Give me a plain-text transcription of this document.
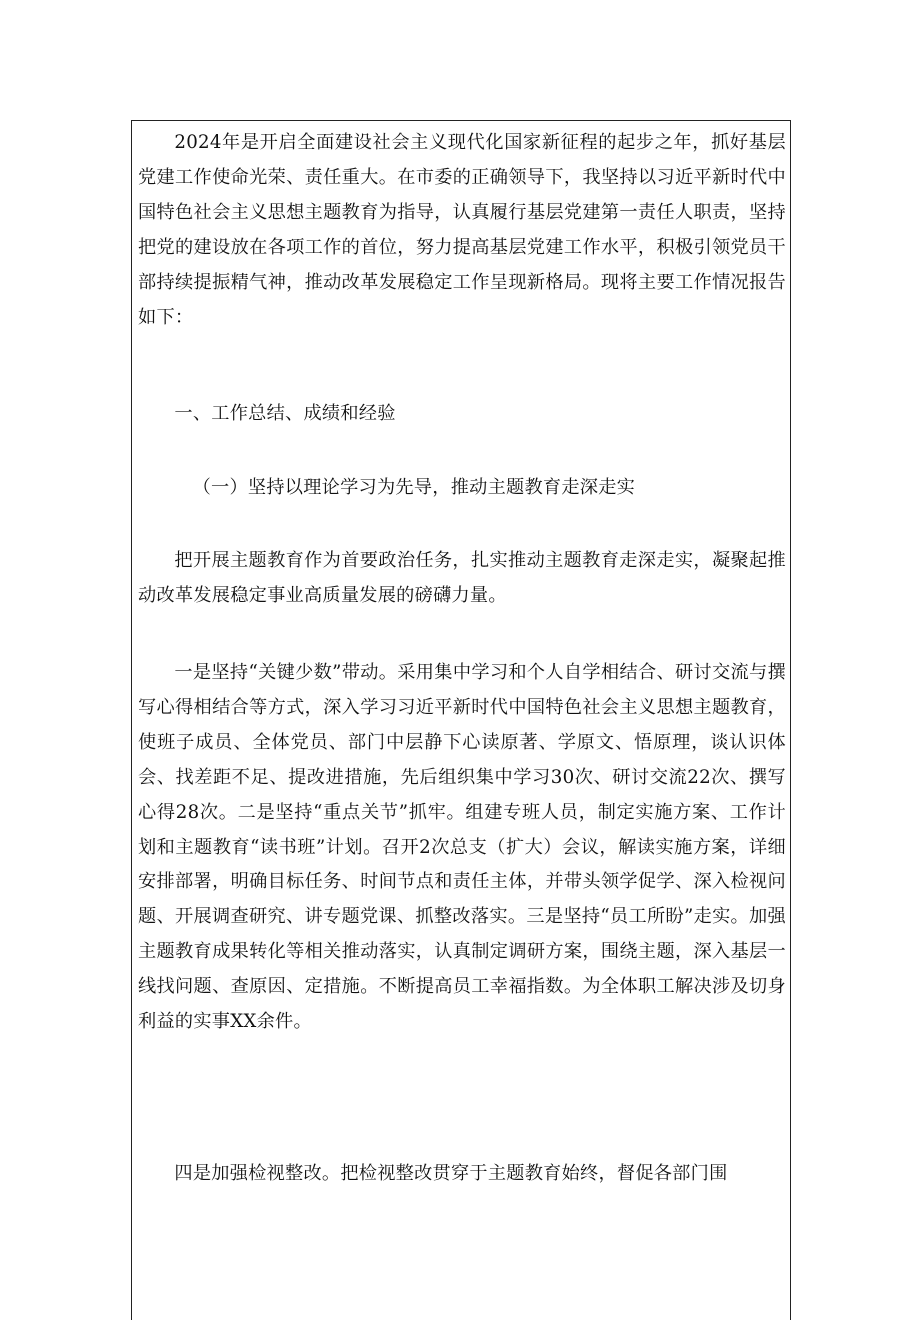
2024年是开启全面建设社会主义现代化国家新征程的起步之年，抓好基层党建工作使命光荣、责任重大。在市委的正确领导下，我坚持以习近平新时代中国特色社会主义思想主题教育为指导，认真履行基层党建第一责任人职责，坚持把党的建设放在各项工作的首位，努力提高基层党建工作水平，积极引领党员干部持续提振精气神，推动改革发展稳定工作呈现新格局。现将主要工作情况报告如下：

一、工作总结、成绩和经验

（一）坚持以理论学习为先导，推动主题教育走深走实

把开展主题教育作为首要政治任务，扎实推动主题教育走深走实，凝聚起推动改革发展稳定事业高质量发展的磅礴力量。

一是坚持“关键少数”带动。采用集中学习和个人自学相结合、研讨交流与撰写心得相结合等方式，深入学习习近平新时代中国特色社会主义思想主题教育，使班子成员、全体党员、部门中层静下心读原著、学原文、悟原理，谈认识体会、找差距不足、提改进措施，先后组织集中学习30次、研讨交流22次、撰写心得28次。二是坚持“重点关节”抓牢。组建专班人员，制定实施方案、工作计划和主题教育“读书班”计划。召开2次总支（扩大）会议，解读实施方案，详细安排部署，明确目标任务、时间节点和责任主体，并带头领学促学、深入检视问题、开展调查研究、讲专题党课、抓整改落实。三是坚持“员工所盼”走实。加强主题教育成果转化等相关推动落实，认真制定调研方案，围绕主题，深入基层一线找问题、查原因、定措施。不断提高员工幸福指数。为全体职工解决涉及切身利益的实事XX余件。

四是加强检视整改。把检视整改贯穿于主题教育始终，督促各部门围
